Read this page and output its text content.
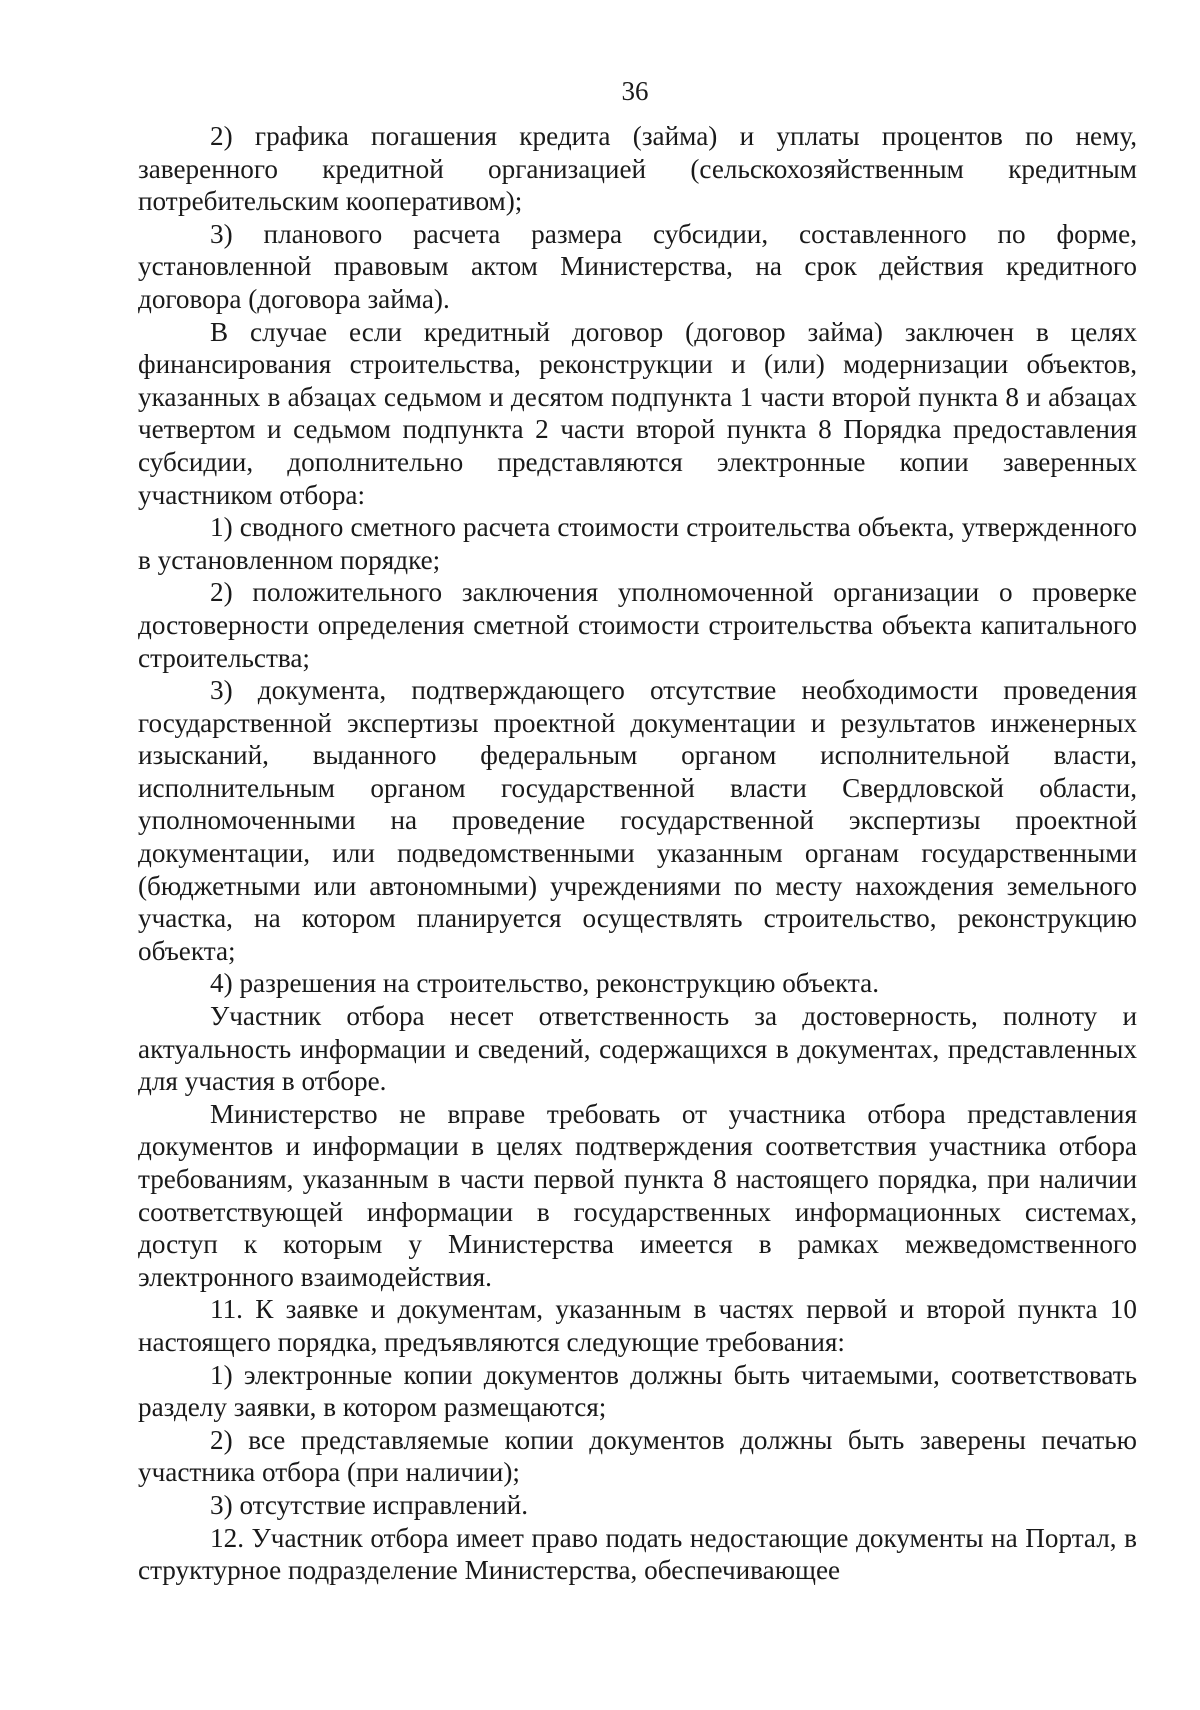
36

2) графика погашения кредита (займа) и уплаты процентов по нему, заверенного кредитной организацией (сельскохозяйственным кредитным потребительским кооперативом);

3) планового расчета размера субсидии, составленного по форме, установленной правовым актом Министерства, на срок действия кредитного договора (договора займа).

В случае если кредитный договор (договор займа) заключен в целях финансирования строительства, реконструкции и (или) модернизации объектов, указанных в абзацах седьмом и десятом подпункта 1 части второй пункта 8 и абзацах четвертом и седьмом подпункта 2 части второй пункта 8 Порядка предоставления субсидии, дополнительно представляются электронные копии заверенных участником отбора:

1) сводного сметного расчета стоимости строительства объекта, утвержденного в установленном порядке;

2) положительного заключения уполномоченной организации о проверке достоверности определения сметной стоимости строительства объекта капитального строительства;

3) документа, подтверждающего отсутствие необходимости проведения государственной экспертизы проектной документации и результатов инженерных изысканий, выданного федеральным органом исполнительной власти, исполнительным органом государственной власти Свердловской области, уполномоченными на проведение государственной экспертизы проектной документации, или подведомственными указанным органам государственными (бюджетными или автономными) учреждениями по месту нахождения земельного участка, на котором планируется осуществлять строительство, реконструкцию объекта;

4) разрешения на строительство, реконструкцию объекта.

Участник отбора несет ответственность за достоверность, полноту и актуальность информации и сведений, содержащихся в документах, представленных для участия в отборе.

Министерство не вправе требовать от участника отбора представления документов и информации в целях подтверждения соответствия участника отбора требованиям, указанным в части первой пункта 8 настоящего порядка, при наличии соответствующей информации в государственных информационных системах, доступ к которым у Министерства имеется в рамках межведомственного электронного взаимодействия.

11. К заявке и документам, указанным в частях первой и второй пункта 10 настоящего порядка, предъявляются следующие требования:

1) электронные копии документов должны быть читаемыми, соответствовать разделу заявки, в котором размещаются;

2) все представляемые копии документов должны быть заверены печатью участника отбора (при наличии);

3) отсутствие исправлений.

12. Участник отбора имеет право подать недостающие документы на Портал, в структурное подразделение Министерства, обеспечивающее
